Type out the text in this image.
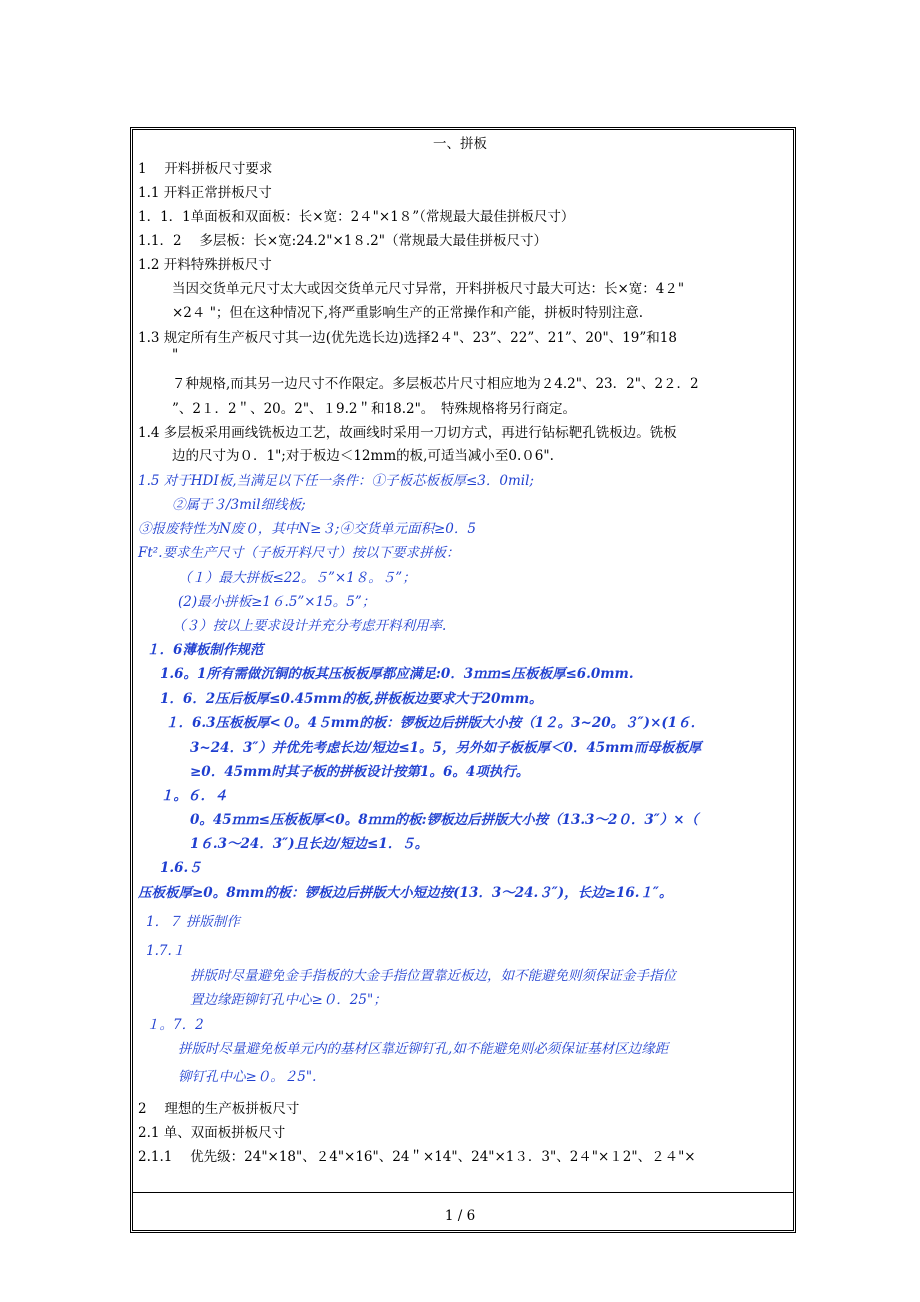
一、拼板
1　 开料拼板尺寸要求
1.1 开料正常拼板尺寸
1．1．1单面板和双面板：长×宽：2４"×1８”（常规最大最佳拼板尺寸）
1.1．2　 多层板：长×宽:24.2"×1８.2"（常规最大最佳拼板尺寸）
1.2 开料特殊拼板尺寸
当因交货单元尺寸太大或因交货单元尺寸异常，开料拼板尺寸最大可达：长×宽：4２"
×2４ "；但在这种情况下,将严重影响生产的正常操作和产能，拼板时特别注意.
1.3 规定所有生产板尺寸其一边(优先选长边)选择2４"、23”、22”、21”、20"、19”和18
"
７种规格,而其另一边尺寸不作限定。多层板芯片尺寸相应地为２4.2"、23．2"、2２．2
”、2１．2＂、20。2"、１9.2＂和18.2"。　特殊规格将另行商定。
1.4 多层板采用画线铣板边工艺，故画线时采用一刀切方式，再进行钻标靶孔铣板边。铣板
边的尺寸为０．1";对于板边＜12mm的板,可适当减小至0.０6".
1.5 对于HDI板,当满足以下任一条件：①子板芯板板厚≤3．0mil;
②属于３/3mil细线板;
③报废特性为N废０，其中N≥３;④交货单元面积≥0．5
Ft².要求生产尺寸（子板开料尺寸）按以下要求拼板：
（１）最大拼板≤22。５”×1８。５”；
(2)最小拼板≥1６.5”×15。5”；
（３）按以上要求设计并充分考虑开料利用率.
１．6薄板制作规范
1.6。1所有需做沉铜的板其压板板厚都应满足:0．3ｍｍ≤压板板厚≤6.0mm.
1．6．2压后板厚≤0.45mm的板,拼板板边要求大于20mm。
１．6.3压板板厚<０。4５mm的板：锣板边后拼版大小按（1２。3~20。３″)×(1６．
3~24．3″）并优先考虑长边/短边≤1。5，另外如子板板厚＜0．45mm而母板板厚
≥0．45mm时其子板的拼板设计按第1。6。4项执行。
１。６．４
0。45ｍｍ≤压板板厚<0。8ｍｍ的板:锣板边后拼版大小按（13.3～2０．3″）×（
1６.3～24．3″)且长边/短边≤1．５。
1.6.５
压板板厚≥0。8mm的板：锣板边后拼版大小短边按(13．3～24.３″)，长边≥16.１″。
1．７ 拼版制作
1.7.１
拼版时尽量避免金手指板的大金手指位置靠近板边，如不能避免则须保证金手指位
置边缘距铆钉孔中心≥０．25"；
１。7．2
拼版时尽量避免板单元内的基材区靠近铆钉孔,如不能避免则必须保证基材区边缘距
铆钉孔中心≥０。２5".
2　 理想的生产板拼板尺寸
2.1 单、双面板拼板尺寸
2.1.1　 优先级：24"×18"、２4"×16"、24＂×14"、24"×1３．3"、2４"×１2"、２４"×
1 / 6
